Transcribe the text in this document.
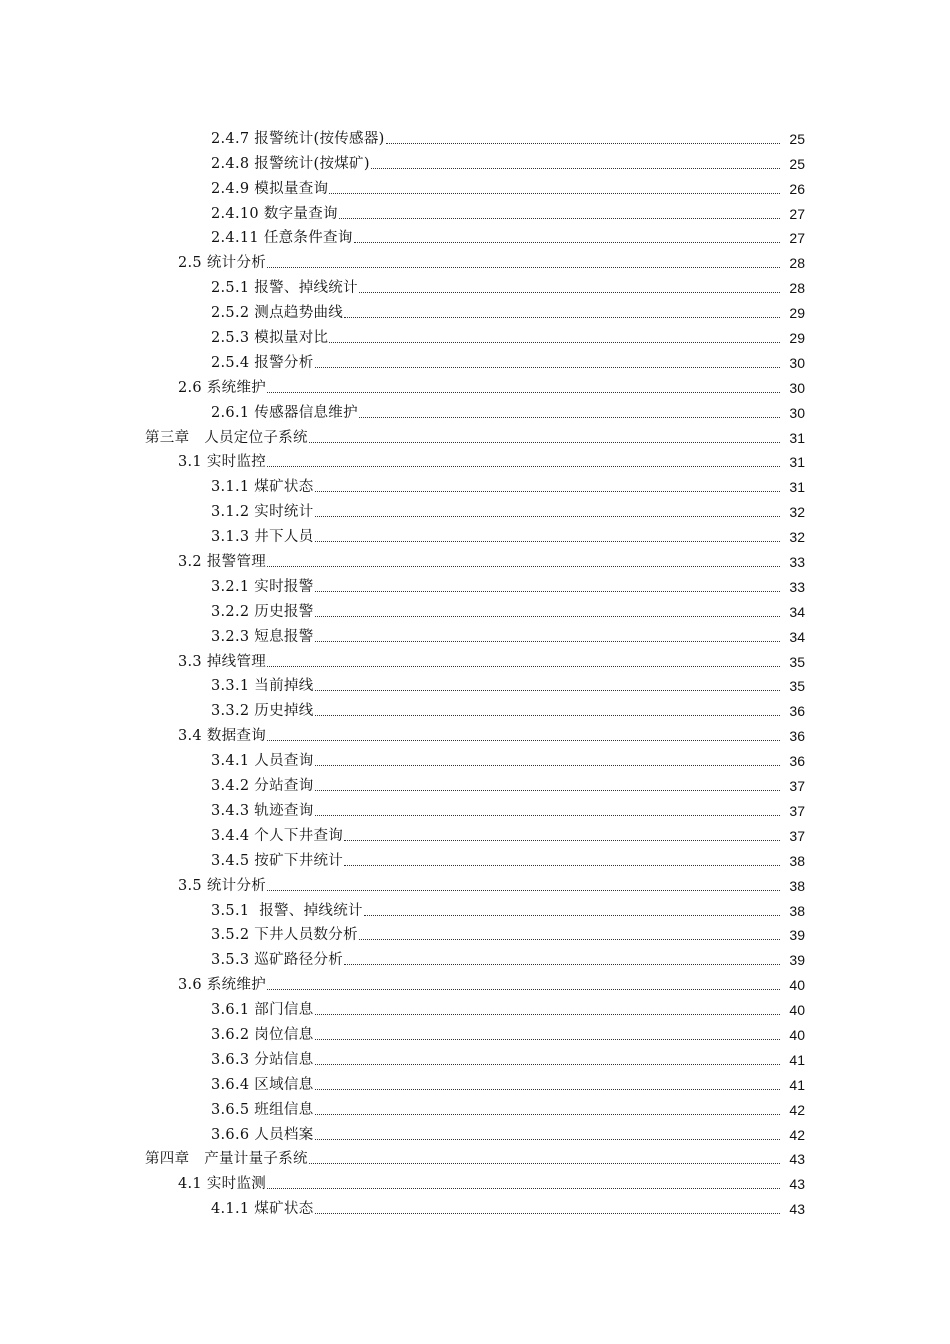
2.4.7 报警统计(按传感器)	25
2.4.8 报警统计(按煤矿)	25
2.4.9 模拟量查询	26
2.4.10 数字量查询	27
2.4.11 任意条件查询	27
2.5 统计分析	28
2.5.1 报警、掉线统计	28
2.5.2 测点趋势曲线	29
2.5.3 模拟量对比	29
2.5.4 报警分析	30
2.6 系统维护	30
2.6.1 传感器信息维护	30
第三章　人员定位子系统	31
3.1 实时监控	31
3.1.1 煤矿状态	31
3.1.2 实时统计	32
3.1.3 井下人员	32
3.2 报警管理	33
3.2.1 实时报警	33
3.2.2 历史报警	34
3.2.3 短息报警	34
3.3 掉线管理	35
3.3.1 当前掉线	35
3.3.2 历史掉线	36
3.4 数据查询	36
3.4.1 人员查询	36
3.4.2 分站查询	37
3.4.3 轨迹查询	37
3.4.4 个人下井查询	37
3.4.5 按矿下井统计	38
3.5 统计分析	38
3.5.1  报警、掉线统计	38
3.5.2 下井人员数分析	39
3.5.3 巡矿路径分析	39
3.6 系统维护	40
3.6.1 部门信息	40
3.6.2 岗位信息	40
3.6.3 分站信息	41
3.6.4 区域信息	41
3.6.5 班组信息	42
3.6.6 人员档案	42
第四章　产量计量子系统	43
4.1 实时监测	43
4.1.1 煤矿状态	43
